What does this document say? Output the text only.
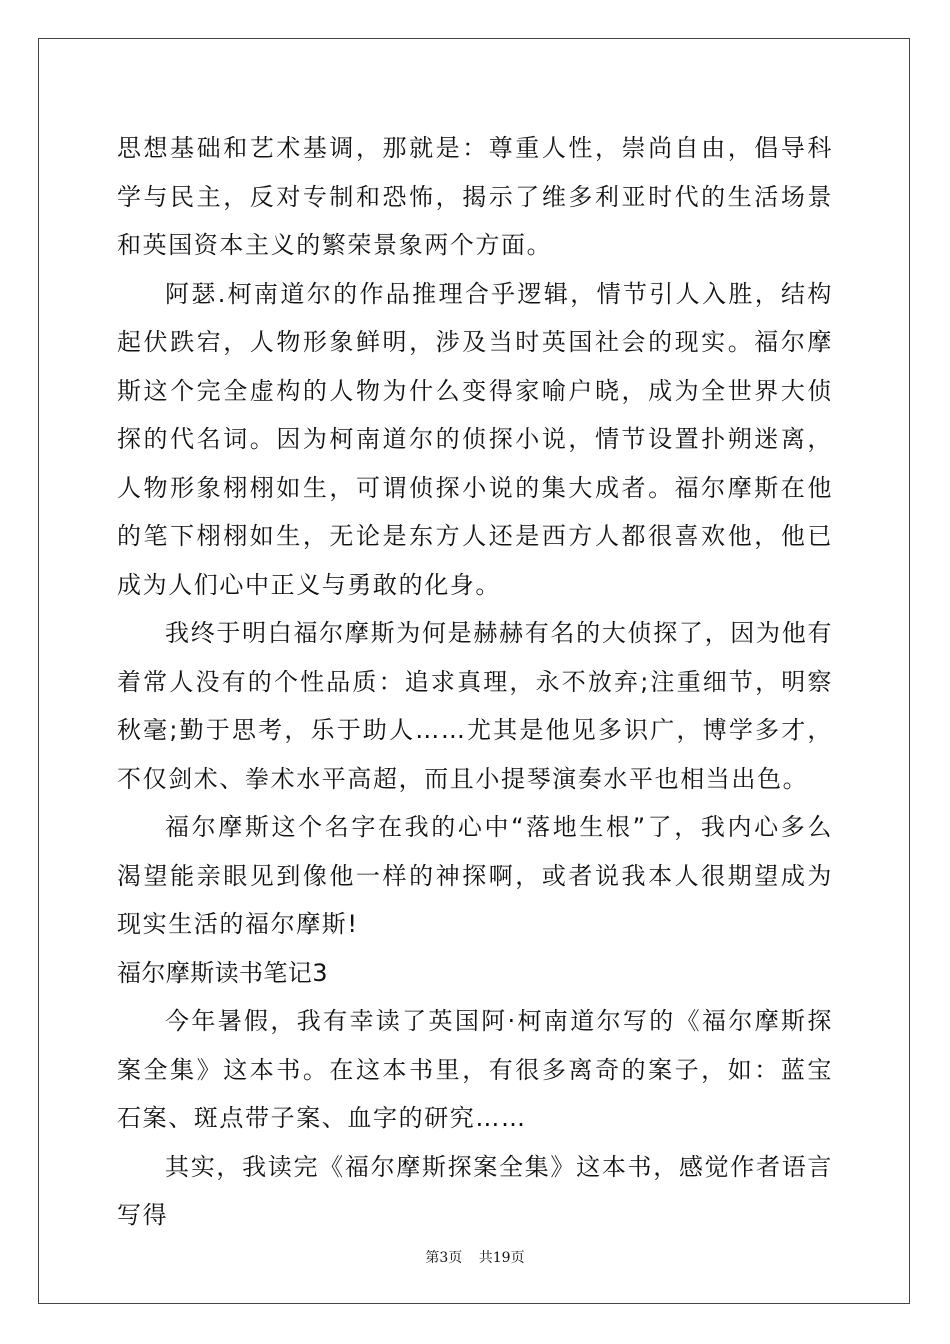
思想基础和艺术基调，那就是：尊重人性，崇尚自由，倡导科学与民主，反对专制和恐怖，揭示了维多利亚时代的生活场景和英国资本主义的繁荣景象两个方面。

阿瑟.柯南道尔的作品推理合乎逻辑，情节引人入胜，结构起伏跌宕，人物形象鲜明，涉及当时英国社会的现实。福尔摩斯这个完全虚构的人物为什么变得家喻户晓，成为全世界大侦探的代名词。因为柯南道尔的侦探小说，情节设置扑朔迷离，人物形象栩栩如生，可谓侦探小说的集大成者。福尔摩斯在他的笔下栩栩如生，无论是东方人还是西方人都很喜欢他，他已成为人们心中正义与勇敢的化身。

我终于明白福尔摩斯为何是赫赫有名的大侦探了，因为他有着常人没有的个性品质：追求真理，永不放弃;注重细节，明察秋毫;勤于思考，乐于助人……尤其是他见多识广，博学多才，不仅剑术、拳术水平高超，而且小提琴演奏水平也相当出色。

福尔摩斯这个名字在我的心中“落地生根”了，我内心多么渴望能亲眼见到像他一样的神探啊，或者说我本人很期望成为现实生活的福尔摩斯!

福尔摩斯读书笔记3

今年暑假，我有幸读了英国阿·柯南道尔写的《福尔摩斯探案全集》这本书。在这本书里，有很多离奇的案子，如：蓝宝石案、斑点带子案、血字的研究……

其实，我读完《福尔摩斯探案全集》这本书，感觉作者语言写得

第3页 共19页
